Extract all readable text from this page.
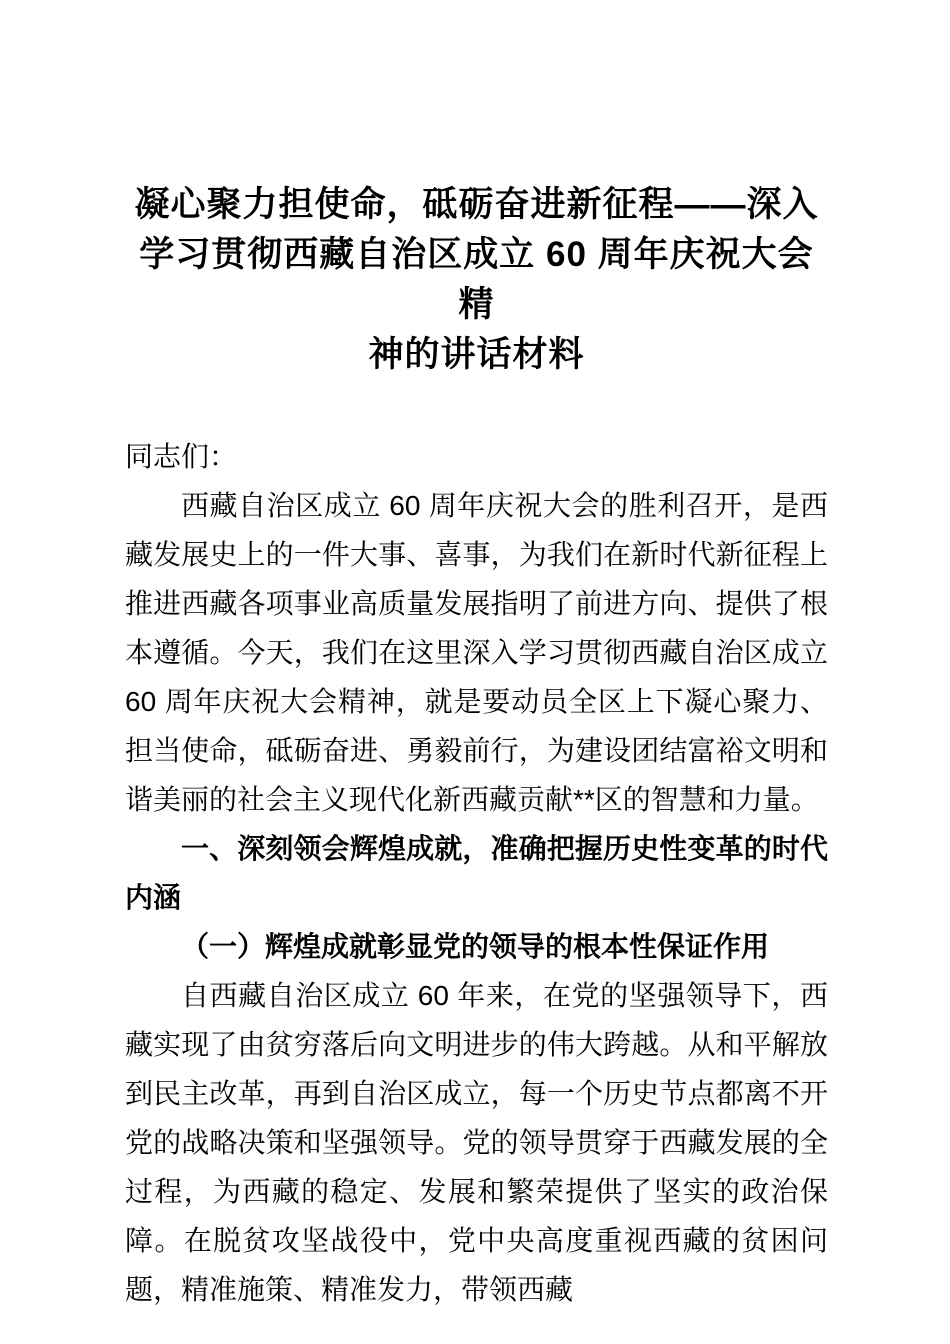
凝心聚力担使命，砥砺奋进新征程——深入
学习贯彻西藏自治区成立 60 周年庆祝大会精
神的讲话材料

同志们：

西藏自治区成立 60 周年庆祝大会的胜利召开，是西藏发展史上的一件大事、喜事，为我们在新时代新征程上推进西藏各项事业高质量发展指明了前进方向、提供了根本遵循。今天，我们在这里深入学习贯彻西藏自治区成立 60 周年庆祝大会精神，就是要动员全区上下凝心聚力、担当使命，砥砺奋进、勇毅前行，为建设团结富裕文明和谐美丽的社会主义现代化新西藏贡献**区的智慧和力量。

一、深刻领会辉煌成就，准确把握历史性变革的时代内涵

（一）辉煌成就彰显党的领导的根本性保证作用

自西藏自治区成立 60 年来，在党的坚强领导下，西藏实现了由贫穷落后向文明进步的伟大跨越。从和平解放到民主改革，再到自治区成立，每一个历史节点都离不开党的战略决策和坚强领导。党的领导贯穿于西藏发展的全过程，为西藏的稳定、发展和繁荣提供了坚实的政治保障。在脱贫攻坚战役中，党中央高度重视西藏的贫困问题，精准施策、精准发力，带领西藏
